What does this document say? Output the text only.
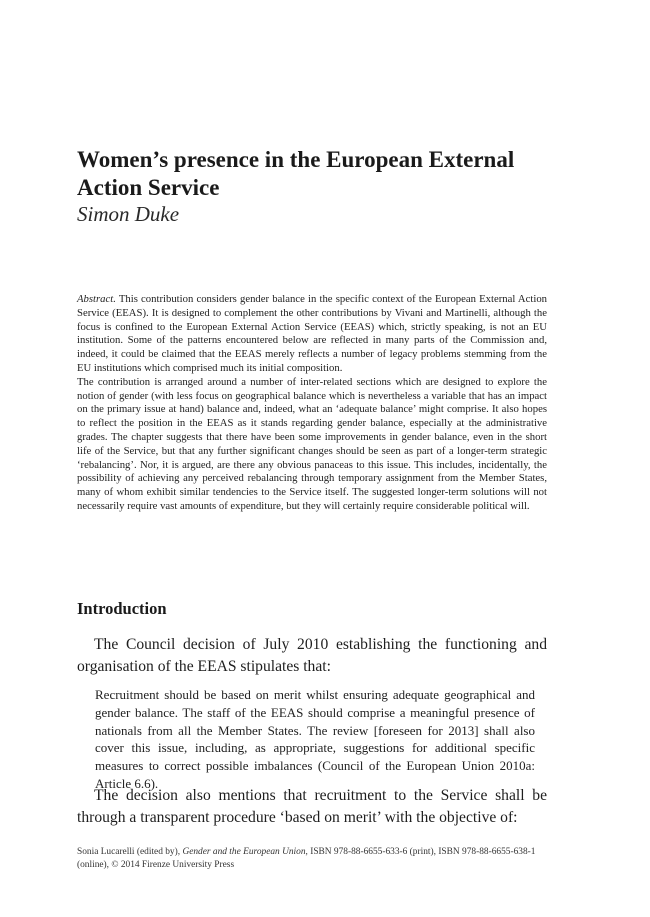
Women’s presence in the European External Action Service

Simon Duke

Abstract. This contribution considers gender balance in the specific context of the European External Action Service (EEAS). It is designed to complement the other contributions by Vivani and Martinelli, although the focus is confined to the European External Action Service (EEAS) which, strictly speaking, is not an EU institution. Some of the patterns encountered below are reflected in many parts of the Commission and, indeed, it could be claimed that the EEAS merely reflects a number of legacy problems stemming from the EU institutions which comprised much its initial composition.

The contribution is arranged around a number of inter-related sections which are designed to explore the notion of gender (with less focus on geographical balance which is nevertheless a variable that has an impact on the primary issue at hand) balance and, indeed, what an ‘adequate balance’ might comprise. It also hopes to reflect the position in the EEAS as it stands regarding gender balance, especially at the administrative grades. The chapter suggests that there have been some improvements in gender balance, even in the short life of the Service, but that any further significant changes should be seen as part of a longer-term strategic ‘rebalancing’. Nor, it is argued, are there any obvious panaceas to this issue. This includes, incidentally, the possibility of achieving any perceived rebalancing through temporary assignment from the Member States, many of whom exhibit similar tendencies to the Service itself. The suggested longer-term solutions will not necessarily require vast amounts of expenditure, but they will certainly require considerable political will.

Introduction

The Council decision of July 2010 establishing the functioning and organisation of the EEAS stipulates that:

Recruitment should be based on merit whilst ensuring adequate geographical and gender balance. The staff of the EEAS should comprise a meaningful presence of nationals from all the Member States. The review [foreseen for 2013] shall also cover this issue, including, as appropriate, suggestions for additional specific measures to correct possible imbalances (Council of the European Union 2010a: Article 6.6).

The decision also mentions that recruitment to the Service shall be through a transparent procedure ‘based on merit’ with the objective of:

Sonia Lucarelli (edited by), Gender and the European Union, ISBN 978-88-6655-633-6 (print), ISBN 978-88-6655-638-1 (online), © 2014 Firenze University Press
